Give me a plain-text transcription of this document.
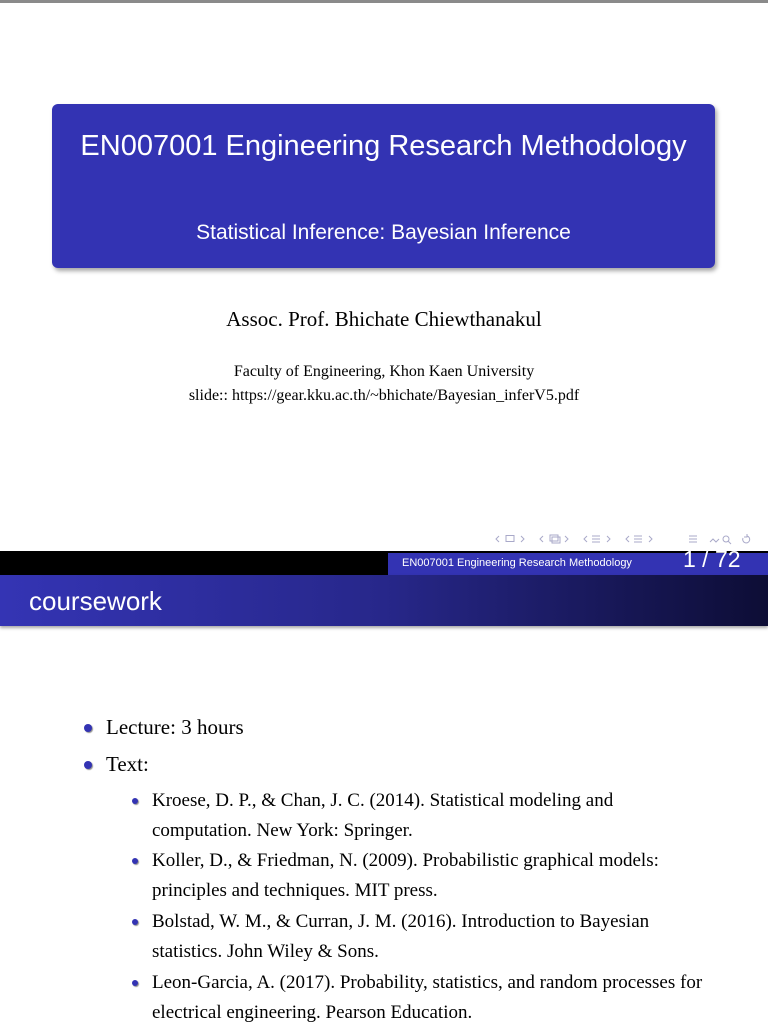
EN007001 Engineering Research Methodology
Statistical Inference: Bayesian Inference
Assoc. Prof. Bhichate Chiewthanakul
Faculty of Engineering, Khon Kaen University
slide:: https://gear.kku.ac.th/~bhichate/Bayesian_inferV5.pdf
EN007001 Engineering Research Methodology 1 / 72
coursework
Lecture: 3 hours
Text:
Kroese, D. P., & Chan, J. C. (2014). Statistical modeling and computation. New York: Springer.
Koller, D., & Friedman, N. (2009). Probabilistic graphical models: principles and techniques. MIT press.
Bolstad, W. M., & Curran, J. M. (2016). Introduction to Bayesian statistics. John Wiley & Sons.
Leon-Garcia, A. (2017). Probability, statistics, and random processes for electrical engineering. Pearson Education.
